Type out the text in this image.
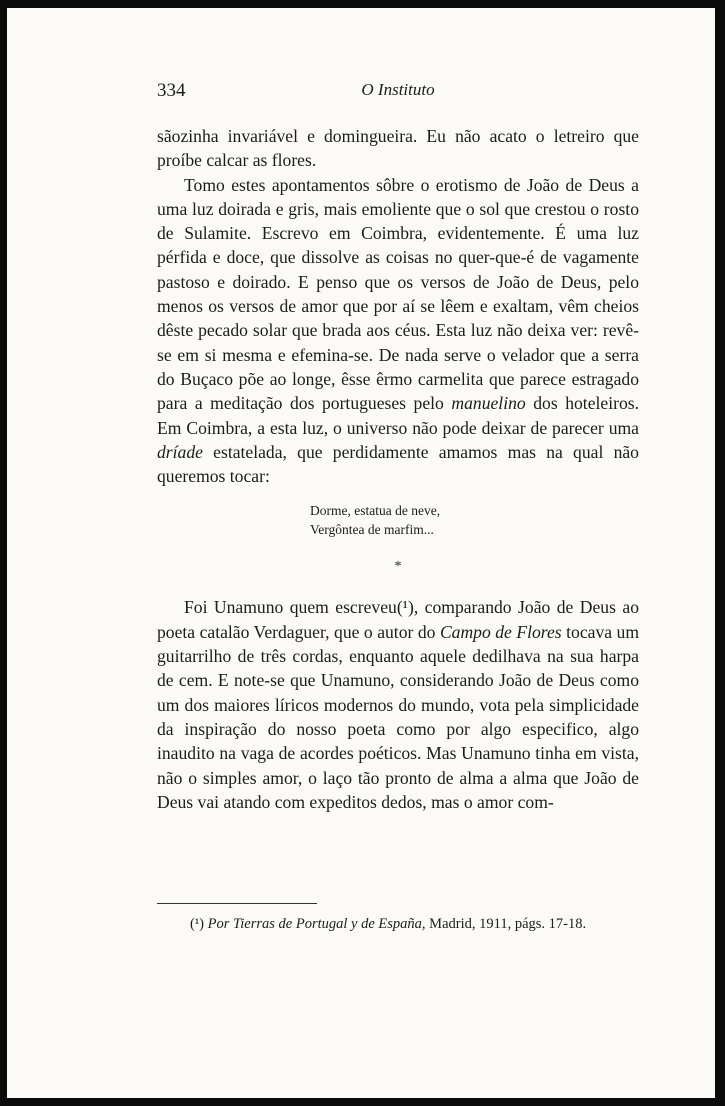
334	O Instituto

sãozinha invariável e domingueira. Eu não acato o letreiro que proíbe calcar as flores.

Tomo estes apontamentos sôbre o erotismo de João de Deus a uma luz doirada e gris, mais emoliente que o sol que crestou o rosto de Sulamite. Escrevo em Coimbra, evidentemente. É uma luz pérfida e doce, que dissolve as coisas no quer-que-é de vagamente pastoso e doirado. E penso que os versos de João de Deus, pelo menos os versos de amor que por aí se lêem e exaltam, vêm cheios dêste pecado solar que brada aos céus. Esta luz não deixa ver: revê-se em si mesma e efemina-se. De nada serve o velador que a serra do Buçaco põe ao longe, êsse êrmo carmelita que parece estragado para a meditação dos portugueses pelo manuelino dos hoteleiros. Em Coimbra, a esta luz, o universo não pode deixar de parecer uma dríade estatelada, que perdidamente amamos mas na qual não queremos tocar:

Dorme, estatua de neve,
Vergôntea de marfim...
*

Foi Unamuno quem escreveu(¹), comparando João de Deus ao poeta catalão Verdaguer, que o autor do Campo de Flores tocava um guitarrilho de três cordas, enquanto aquele dedilhava na sua harpa de cem. E note-se que Unamuno, considerando João de Deus como um dos maiores líricos modernos do mundo, vota pela simplicidade da inspiração do nosso poeta como por algo especifico, algo inaudito na vaga de acordes poéticos. Mas Unamuno tinha em vista, não o simples amor, o laço tão pronto de alma a alma que João de Deus vai atando com expeditos dedos, mas o amor com-

(¹) Por Tierras de Portugal y de España, Madrid, 1911, págs. 17-18.
